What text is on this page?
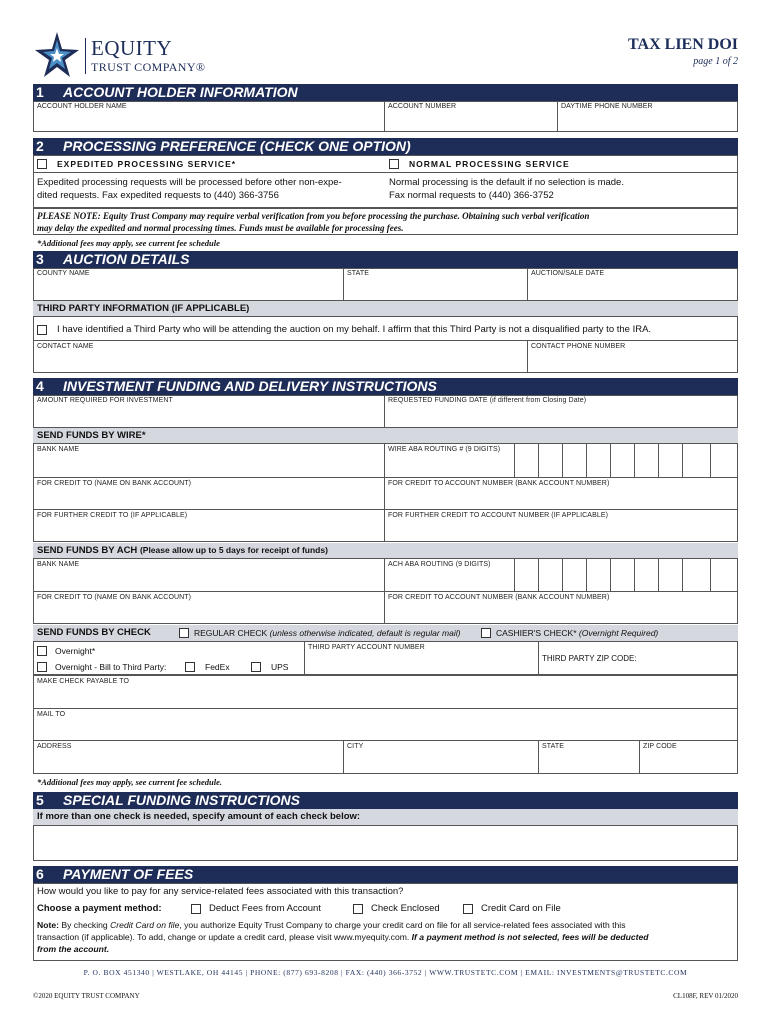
EQUITY
TRUST COMPANY®
TAX LIEN DOI
page 1 of 2
1 ACCOUNT HOLDER INFORMATION
ACCOUNT HOLDER NAME	ACCOUNT NUMBER	DAYTIME PHONE NUMBER
2 PROCESSING PREFERENCE (CHECK ONE OPTION)
EXPEDITED PROCESSING SERVICE*	NORMAL PROCESSING SERVICE
Expedited processing requests will be processed before other non-expe-
dited requests. Fax expedited requests to (440) 366-3756
Normal processing is the default if no selection is made.
Fax normal requests to (440) 366-3752
PLEASE NOTE: Equity Trust Company may require verbal verification from you before processing the purchase. Obtaining such verbal verification
may delay the expedited and normal processing times. Funds must be available for processing fees.
*Additional fees may apply, see current fee schedule
3 AUCTION DETAILS
COUNTY NAME	STATE	AUCTION/SALE DATE
THIRD PARTY INFORMATION (IF APPLICABLE)
I have identified a Third Party who will be attending the auction on my behalf. I affirm that this Third Party is not a disqualified party to the IRA.
CONTACT NAME	CONTACT PHONE NUMBER
4 INVESTMENT FUNDING AND DELIVERY INSTRUCTIONS
AMOUNT REQUIRED FOR INVESTMENT	REQUESTED FUNDING DATE (if different from Closing Date)
SEND FUNDS BY WIRE*
BANK NAME	WIRE ABA ROUTING # (9 DIGITS)
FOR CREDIT TO (NAME ON BANK ACCOUNT)	FOR CREDIT TO ACCOUNT NUMBER (BANK ACCOUNT NUMBER)
FOR FURTHER CREDIT TO (IF APPLICABLE)	FOR FURTHER CREDIT TO ACCOUNT NUMBER (IF APPLICABLE)
SEND FUNDS BY ACH (Please allow up to 5 days for receipt of funds)
BANK NAME	ACH ABA ROUTING (9 DIGITS)
FOR CREDIT TO (NAME ON BANK ACCOUNT)	FOR CREDIT TO ACCOUNT NUMBER (BANK ACCOUNT NUMBER)
SEND FUNDS BY CHECK	REGULAR CHECK (unless otherwise indicated, default is regular mail)	CASHIER'S CHECK* (Overnight Required)
Overnight*
Overnight - Bill to Third Party:	FedEx	UPS
THIRD PARTY ACCOUNT NUMBER
THIRD PARTY ZIP CODE:
MAKE CHECK PAYABLE TO
MAIL TO
ADDRESS	CITY	STATE	ZIP CODE
*Additional fees may apply, see current fee schedule.
5 SPECIAL FUNDING INSTRUCTIONS
If more than one check is needed, specify amount of each check below:
6 PAYMENT OF FEES
How would you like to pay for any service-related fees associated with this transaction?
Choose a payment method:	Deduct Fees from Account	Check Enclosed	Credit Card on File
Note: By checking Credit Card on file, you authorize Equity Trust Company to charge your credit card on file for all service-related fees associated with this
transaction (if applicable). To add, change or update a credit card, please visit www.myequity.com. If a payment method is not selected, fees will be deducted
from the account.
P. O. BOX 451340 | WESTLAKE, OH 44145 | PHONE: (877) 693-8208 | FAX: (440) 366-3752 | WWW.TRUSTETC.COM | EMAIL: INVESTMENTS@TRUSTETC.COM
©2020 EQUITY TRUST COMPANY	CL108F, REV 01/2020
